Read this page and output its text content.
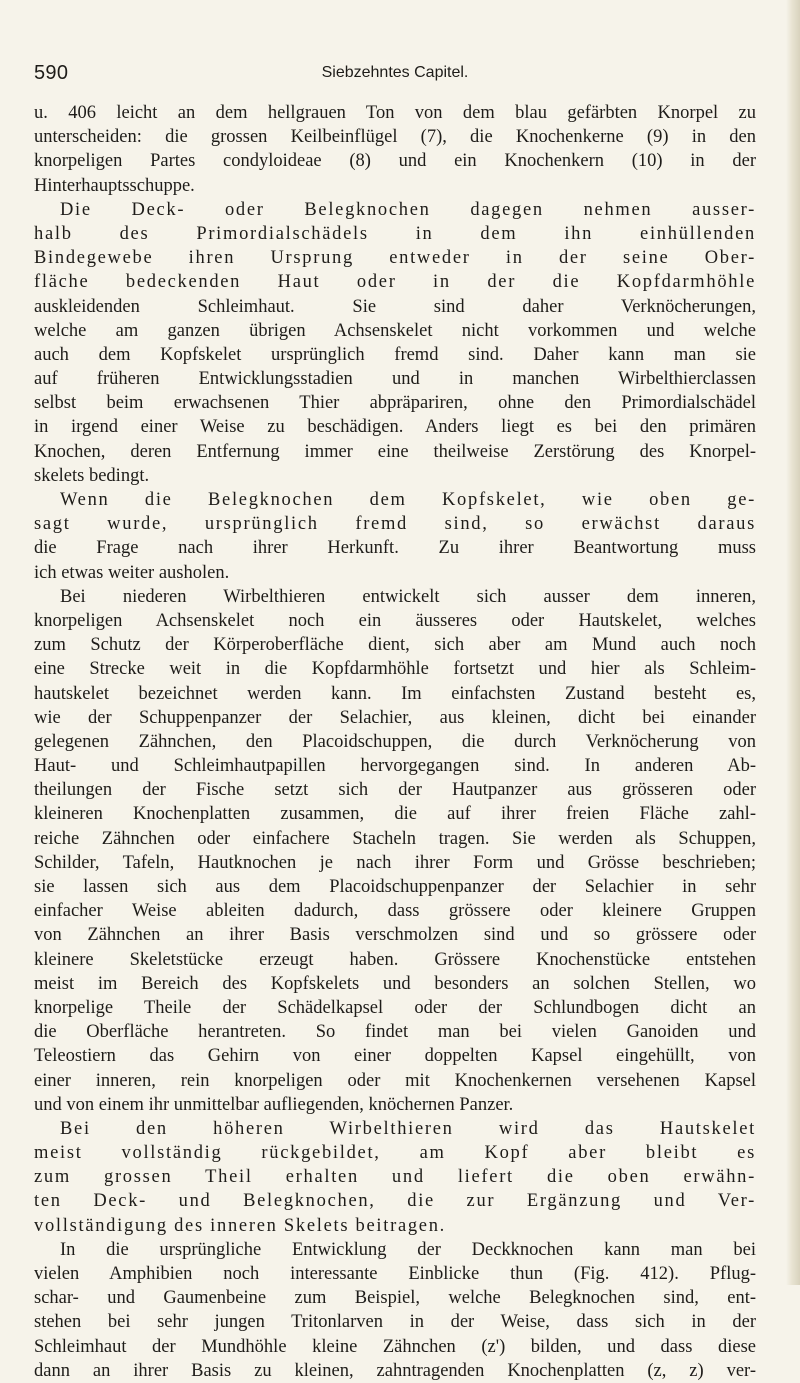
590	Siebzehntes Capitel.
u. 406 leicht an dem hellgrauen Ton von dem blau gefärbten Knorpel zu
unterscheiden: die grossen Keilbeinflügel (7), die Knochenkerne (9) in den
knorpeligen Partes condyloideae (8) und ein Knochenkern (10) in der
Hinterhauptsschuppe.
Die Deck- oder Belegknochen dagegen nehmen ausser-
halb des Primordialschädels in dem ihn einhüllenden
Bindegewebe ihren Ursprung entweder in der seine Ober-
fläche bedeckenden Haut oder in der die Kopfdarmhöhle
auskleidenden Schleimhaut. Sie sind daher Verknöcherungen,
welche am ganzen übrigen Achsenskelet nicht vorkommen und welche
auch dem Kopfskelet ursprünglich fremd sind. Daher kann man sie
auf früheren Entwicklungsstadien und in manchen Wirbelthierclassen
selbst beim erwachsenen Thier abpräpariren, ohne den Primordialschädel
in irgend einer Weise zu beschädigen. Anders liegt es bei den primären
Knochen, deren Entfernung immer eine theilweise Zerstörung des Knorpel-
skelets bedingt.
Wenn die Belegknochen dem Kopfskelet, wie oben ge-
sagt wurde, ursprünglich fremd sind, so erwächst daraus
die Frage nach ihrer Herkunft. Zu ihrer Beantwortung muss
ich etwas weiter ausholen.
Bei niederen Wirbelthieren entwickelt sich ausser dem inneren,
knorpeligen Achsenskelet noch ein äusseres oder Hautskelet, welches
zum Schutz der Körperoberfläche dient, sich aber am Mund auch noch
eine Strecke weit in die Kopfdarmhöhle fortsetzt und hier als Schleim-
hautskelet bezeichnet werden kann. Im einfachsten Zustand besteht es,
wie der Schuppenpanzer der Selachier, aus kleinen, dicht bei einander
gelegenen Zähnchen, den Placoidschuppen, die durch Verknöcherung von
Haut- und Schleimhautpapillen hervorgegangen sind. In anderen Ab-
theilungen der Fische setzt sich der Hautpanzer aus grösseren oder
kleineren Knochenplatten zusammen, die auf ihrer freien Fläche zahl-
reiche Zähnchen oder einfachere Stacheln tragen. Sie werden als Schuppen,
Schilder, Tafeln, Hautknochen je nach ihrer Form und Grösse beschrieben;
sie lassen sich aus dem Placoidschuppenpanzer der Selachier in sehr
einfacher Weise ableiten dadurch, dass grössere oder kleinere Gruppen
von Zähnchen an ihrer Basis verschmolzen sind und so grössere oder
kleinere Skeletstücke erzeugt haben. Grössere Knochenstücke entstehen
meist im Bereich des Kopfskelets und besonders an solchen Stellen, wo
knorpelige Theile der Schädelkapsel oder der Schlundbogen dicht an
die Oberfläche herantreten. So findet man bei vielen Ganoiden und
Teleostiern das Gehirn von einer doppelten Kapsel eingehüllt, von
einer inneren, rein knorpeligen oder mit Knochenkernen versehenen Kapsel
und von einem ihr unmittelbar aufliegenden, knöchernen Panzer.
Bei den höheren Wirbelthieren wird das Hautskelet
meist vollständig rückgebildet, am Kopf aber bleibt es
zum grossen Theil erhalten und liefert die oben erwähn-
ten Deck- und Belegknochen, die zur Ergänzung und Ver-
vollständigung des inneren Skelets beitragen.
In die ursprüngliche Entwicklung der Deckknochen kann man bei
vielen Amphibien noch interessante Einblicke thun (Fig. 412). Pflug-
schar- und Gaumenbeine zum Beispiel, welche Belegknochen sind, ent-
stehen bei sehr jungen Tritonlarven in der Weise, dass sich in der
Schleimhaut der Mundhöhle kleine Zähnchen (z') bilden, und dass diese
dann an ihrer Basis zu kleinen, zahntragenden Knochenplatten (z, z) ver-
